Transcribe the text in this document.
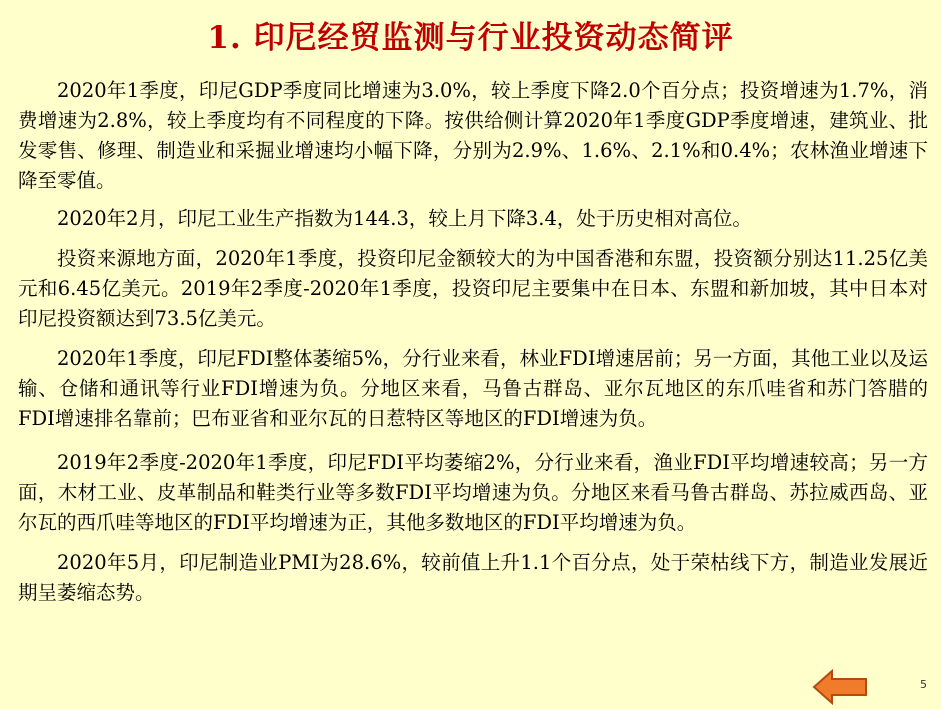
1. 印尼经贸监测与行业投资动态简评

2020年1季度，印尼GDP季度同比增速为3.0%，较上季度下降2.0个百分点；投资增速为1.7%，消费增速为2.8%，较上季度均有不同程度的下降。按供给侧计算2020年1季度GDP季度增速，建筑业、批发零售、修理、制造业和采掘业增速均小幅下降，分别为2.9%、1.6%、2.1%和0.4%；农林渔业增速下降至零值。

2020年2月，印尼工业生产指数为144.3，较上月下降3.4，处于历史相对高位。

投资来源地方面，2020年1季度，投资印尼金额较大的为中国香港和东盟，投资额分别达11.25亿美元和6.45亿美元。2019年2季度-2020年1季度，投资印尼主要集中在日本、东盟和新加坡，其中日本对印尼投资额达到73.5亿美元。

2020年1季度，印尼FDI整体萎缩5%，分行业来看，林业FDI增速居前；另一方面，其他工业以及运输、仓储和通讯等行业FDI增速为负。分地区来看，马鲁古群岛、亚尔瓦地区的东爪哇省和苏门答腊的FDI增速排名靠前；巴布亚省和亚尔瓦的日惹特区等地区的FDI增速为负。

2019年2季度-2020年1季度，印尼FDI平均萎缩2%，分行业来看，渔业FDI平均增速较高；另一方面，木材工业、皮革制品和鞋类行业等多数FDI平均增速为负。分地区来看马鲁古群岛、苏拉威西岛、亚尔瓦的西爪哇等地区的FDI平均增速为正，其他多数地区的FDI平均增速为负。

2020年5月，印尼制造业PMI为28.6%，较前值上升1.1个百分点，处于荣枯线下方，制造业发展近期呈萎缩态势。

5
